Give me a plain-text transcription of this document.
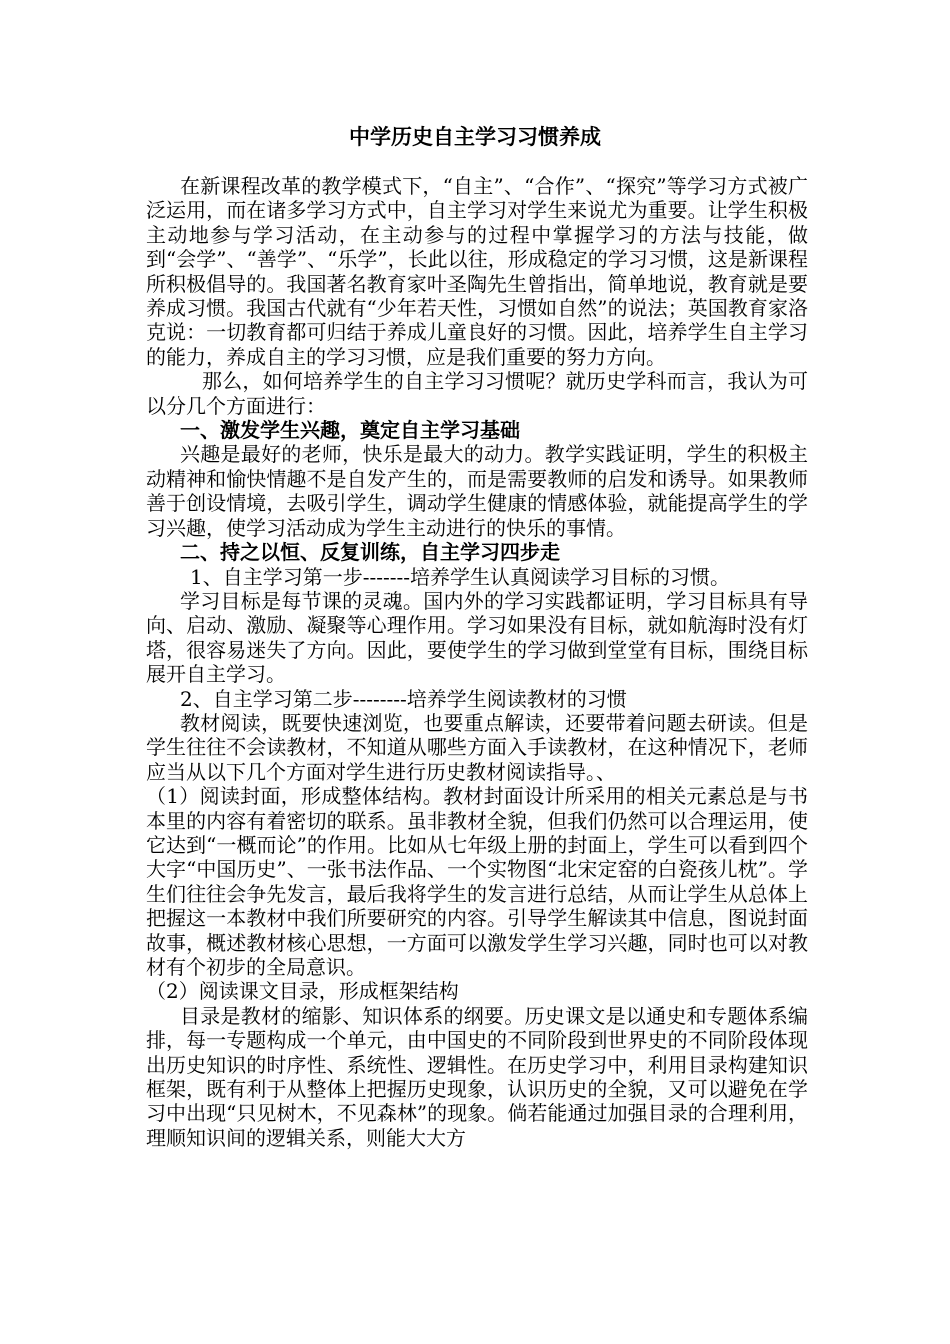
中学历史自主学习习惯养成

在新课程改革的教学模式下，“自主”、“合作”、“探究”等学习方式被广泛运用，而在诸多学习方式中，自主学习对学生来说尤为重要。让学生积极主动地参与学习活动，在主动参与的过程中掌握学习的方法与技能，做到“会学”、“善学”、“乐学”，长此以往，形成稳定的学习习惯，这是新课程所积极倡导的。我国著名教育家叶圣陶先生曾指出，简单地说，教育就是要养成习惯。我国古代就有“少年若天性，习惯如自然”的说法；英国教育家洛克说：一切教育都可归结于养成儿童良好的习惯。因此，培养学生自主学习的能力，养成自主的学习习惯，应是我们重要的努力方向。

那么，如何培养学生的自主学习习惯呢？就历史学科而言，我认为可以分几个方面进行：

一、激发学生兴趣，奠定自主学习基础

兴趣是最好的老师，快乐是最大的动力。教学实践证明，学生的积极主动精神和愉快情趣不是自发产生的，而是需要教师的启发和诱导。如果教师善于创设情境，去吸引学生，调动学生健康的情感体验，就能提高学生的学习兴趣，使学习活动成为学生主动进行的快乐的事情。

二、持之以恒、反复训练，自主学习四步走

1、自主学习第一步-------培养学生认真阅读学习目标的习惯。

学习目标是每节课的灵魂。国内外的学习实践都证明，学习目标具有导向、启动、激励、凝聚等心理作用。学习如果没有目标，就如航海时没有灯塔，很容易迷失了方向。因此，要使学生的学习做到堂堂有目标，围绕目标展开自主学习。

2、自主学习第二步--------培养学生阅读教材的习惯

教材阅读，既要快速浏览，也要重点解读，还要带着问题去研读。但是学生往往不会读教材，不知道从哪些方面入手读教材，在这种情况下，老师应当从以下几个方面对学生进行历史教材阅读指导。、

（1）阅读封面，形成整体结构。教材封面设计所采用的相关元素总是与书本里的内容有着密切的联系。虽非教材全貌，但我们仍然可以合理运用，使它达到“一概而论”的作用。比如从七年级上册的封面上，学生可以看到四个大字“中国历史”、一张书法作品、一个实物图“北宋定窑的白瓷孩儿枕”。学生们往往会争先发言，最后我将学生的发言进行总结，从而让学生从总体上把握这一本教材中我们所要研究的内容。引导学生解读其中信息，图说封面故事，概述教材核心思想，一方面可以激发学生学习兴趣，同时也可以对教材有个初步的全局意识。

（2）阅读课文目录，形成框架结构

目录是教材的缩影、知识体系的纲要。历史课文是以通史和专题体系编排，每一专题构成一个单元，由中国史的不同阶段到世界史的不同阶段体现出历史知识的时序性、系统性、逻辑性。在历史学习中，利用目录构建知识框架，既有利于从整体上把握历史现象，认识历史的全貌，又可以避免在学习中出现“只见树木，不见森林”的现象。倘若能通过加强目录的合理利用，理顺知识间的逻辑关系，则能大大方
